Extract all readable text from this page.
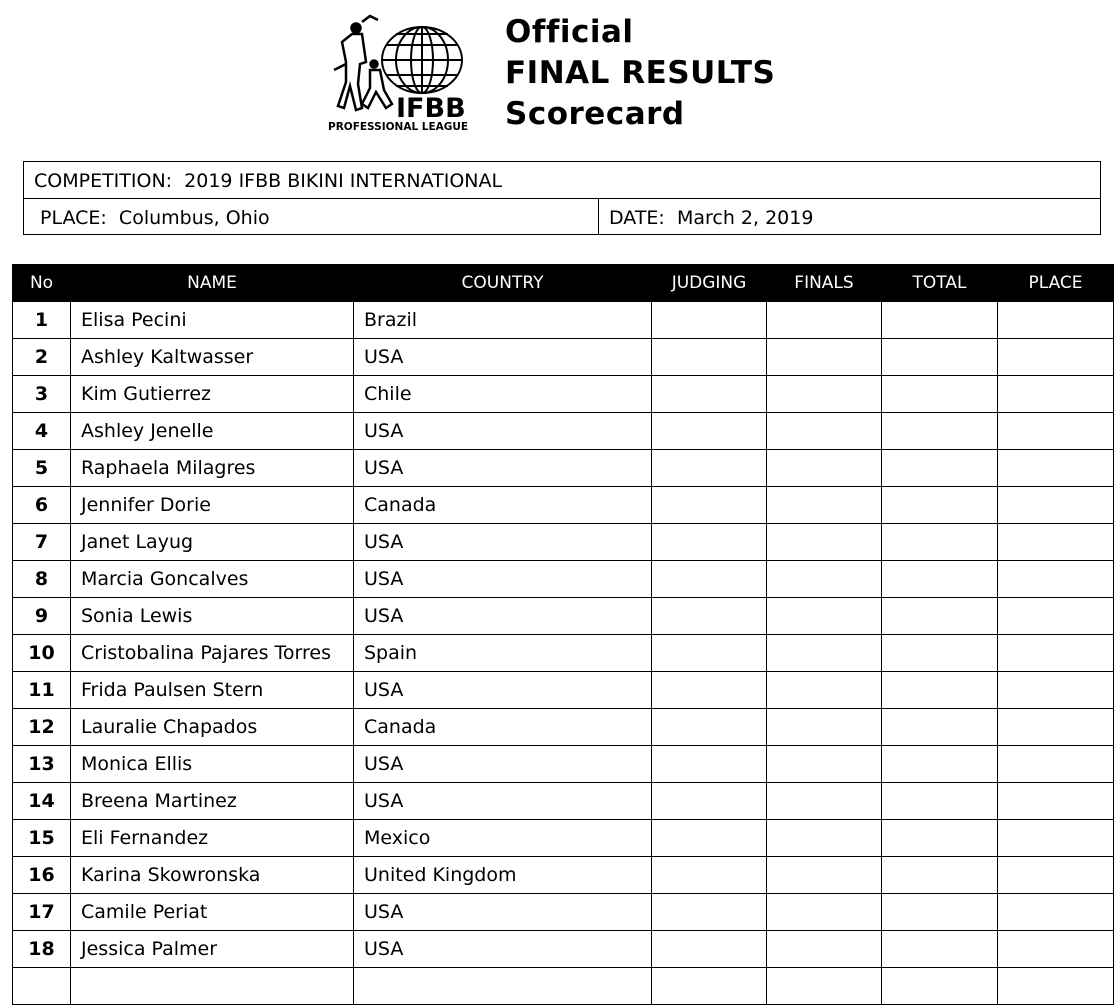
IFBB
PROFESSIONAL LEAGUE
Official
FINAL RESULTS
Scorecard
COMPETITION: 2019 IFBB BIKINI INTERNATIONAL
PLACE: Columbus, Ohio	DATE: March 2, 2019
No	NAME	COUNTRY	JUDGING	FINALS	TOTAL	PLACE
1	Elisa Pecini	Brazil				
2	Ashley Kaltwasser	USA				
3	Kim Gutierrez	Chile				
4	Ashley Jenelle	USA				
5	Raphaela Milagres	USA				
6	Jennifer Dorie	Canada				
7	Janet Layug	USA				
8	Marcia Goncalves	USA				
9	Sonia Lewis	USA				
10	Cristobalina Pajares Torres	Spain				
11	Frida Paulsen Stern	USA				
12	Lauralie Chapados	Canada				
13	Monica Ellis	USA				
14	Breena Martinez	USA				
15	Eli Fernandez	Mexico				
16	Karina Skowronska	United Kingdom				
17	Camile Periat	USA				
18	Jessica Palmer	USA				
